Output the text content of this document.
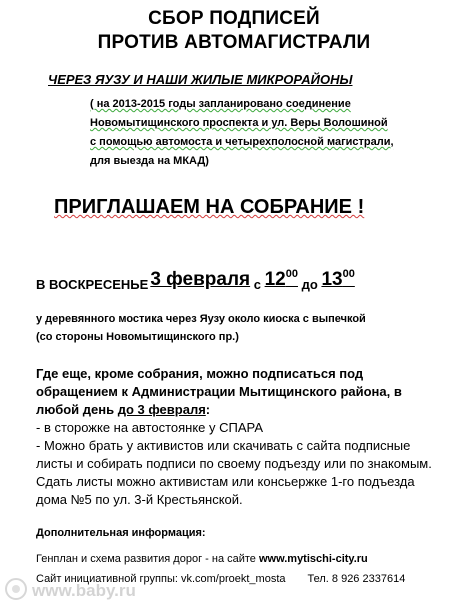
СБОР ПОДПИСЕЙ
ПРОТИВ АВТОМАГИСТРАЛИ
ЧЕРЕЗ ЯУЗУ И НАШИ ЖИЛЫЕ МИКРОРАЙОНЫ
( на 2013-2015 годы запланировано соединение
Новомытищинского проспекта и ул. Веры Волошиной
с помощью автомоста и четырехполосной магистрали,
для выезда на МКАД)
ПРИГЛАШАЕМ НА СОБРАНИЕ !
В ВОСКРЕСЕНЬЕ 3 февраля с $12^{00}$ до $13^{00}$
у деревянного мостика через Яузу около киоска с выпечкой
(со стороны Новомытищинского пр.)
Где еще, кроме собрания, можно подписаться под
обращением к Администрации Мытищинского района, в
любой день до 3 февраля:
- в сторожке на автостоянке у СПАРА
- Можно брать у активистов или скачивать с сайта подписные
листы и собирать подписи по своему подъезду или по знакомым.
Сдать листы можно активистам или консьержке 1-го подъезда
дома №5 по ул. 3-й Крестьянской.
Дополнительная информация:
Генплан и схема развития дорог - на сайте www.mytischi-city.ru
Сайт инициативной группы: vk.com/proekt_mosta Тел. 8 926 2337614
www.baby.ru
